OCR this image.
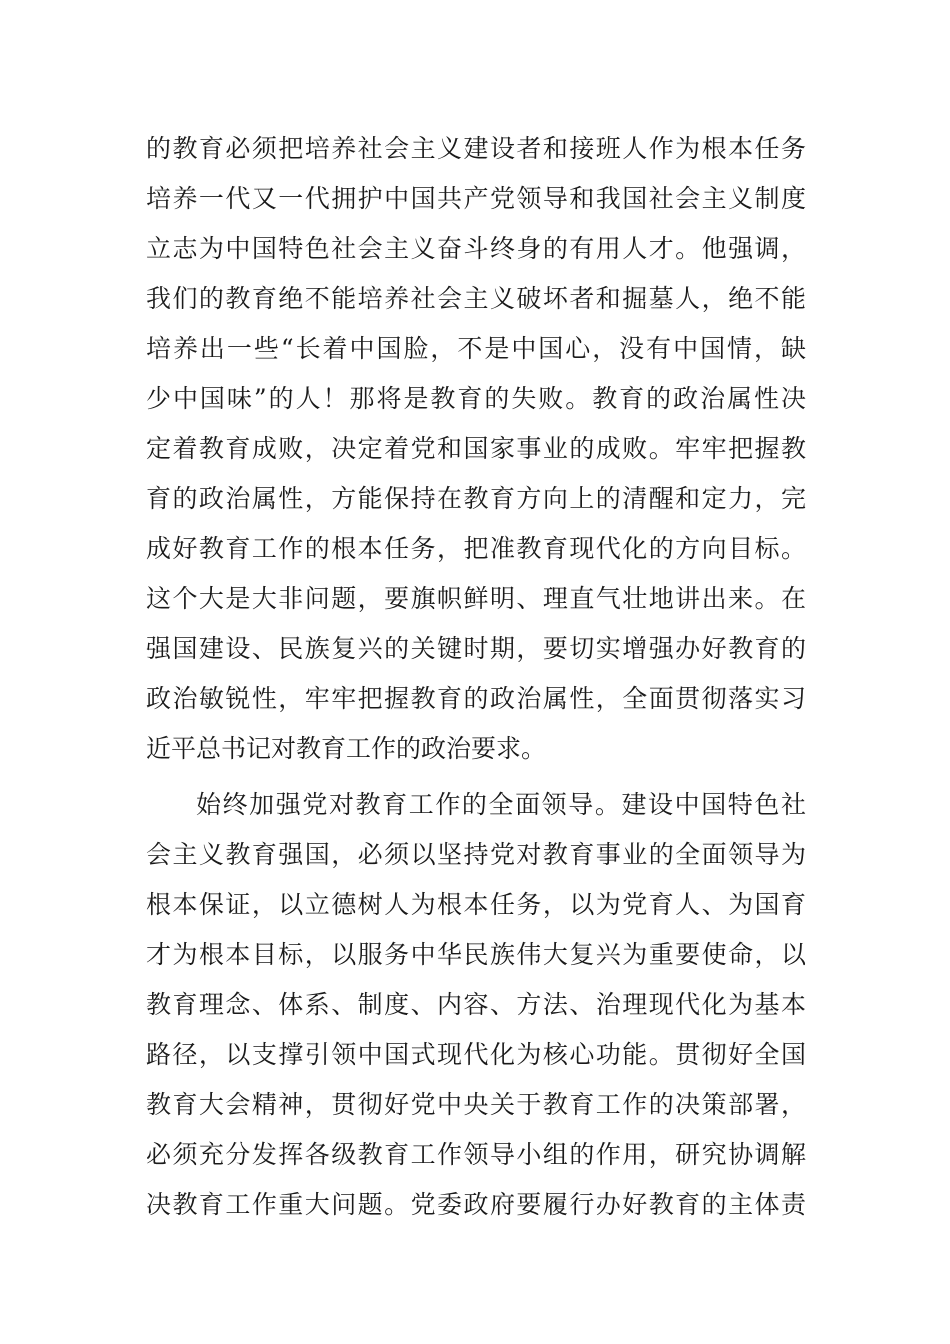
的教育必须把培养社会主义建设者和接班人作为根本任务
培养一代又一代拥护中国共产党领导和我国社会主义制度
立志为中国特色社会主义奋斗终身的有用人才。他强调，
我们的教育绝不能培养社会主义破坏者和掘墓人，绝不能
培养出一些“长着中国脸，不是中国心，没有中国情，缺
少中国味”的人！那将是教育的失败。教育的政治属性决
定着教育成败，决定着党和国家事业的成败。牢牢把握教
育的政治属性，方能保持在教育方向上的清醒和定力，完
成好教育工作的根本任务，把准教育现代化的方向目标。
这个大是大非问题，要旗帜鲜明、理直气壮地讲出来。在
强国建设、民族复兴的关键时期，要切实增强办好教育的
政治敏锐性，牢牢把握教育的政治属性，全面贯彻落实习
近平总书记对教育工作的政治要求。
始终加强党对教育工作的全面领导。建设中国特色社
会主义教育强国，必须以坚持党对教育事业的全面领导为
根本保证，以立德树人为根本任务，以为党育人、为国育
才为根本目标，以服务中华民族伟大复兴为重要使命，以
教育理念、体系、制度、内容、方法、治理现代化为基本
路径，以支撑引领中国式现代化为核心功能。贯彻好全国
教育大会精神，贯彻好党中央关于教育工作的决策部署，
必须充分发挥各级教育工作领导小组的作用，研究协调解
决教育工作重大问题。党委政府要履行办好教育的主体责
